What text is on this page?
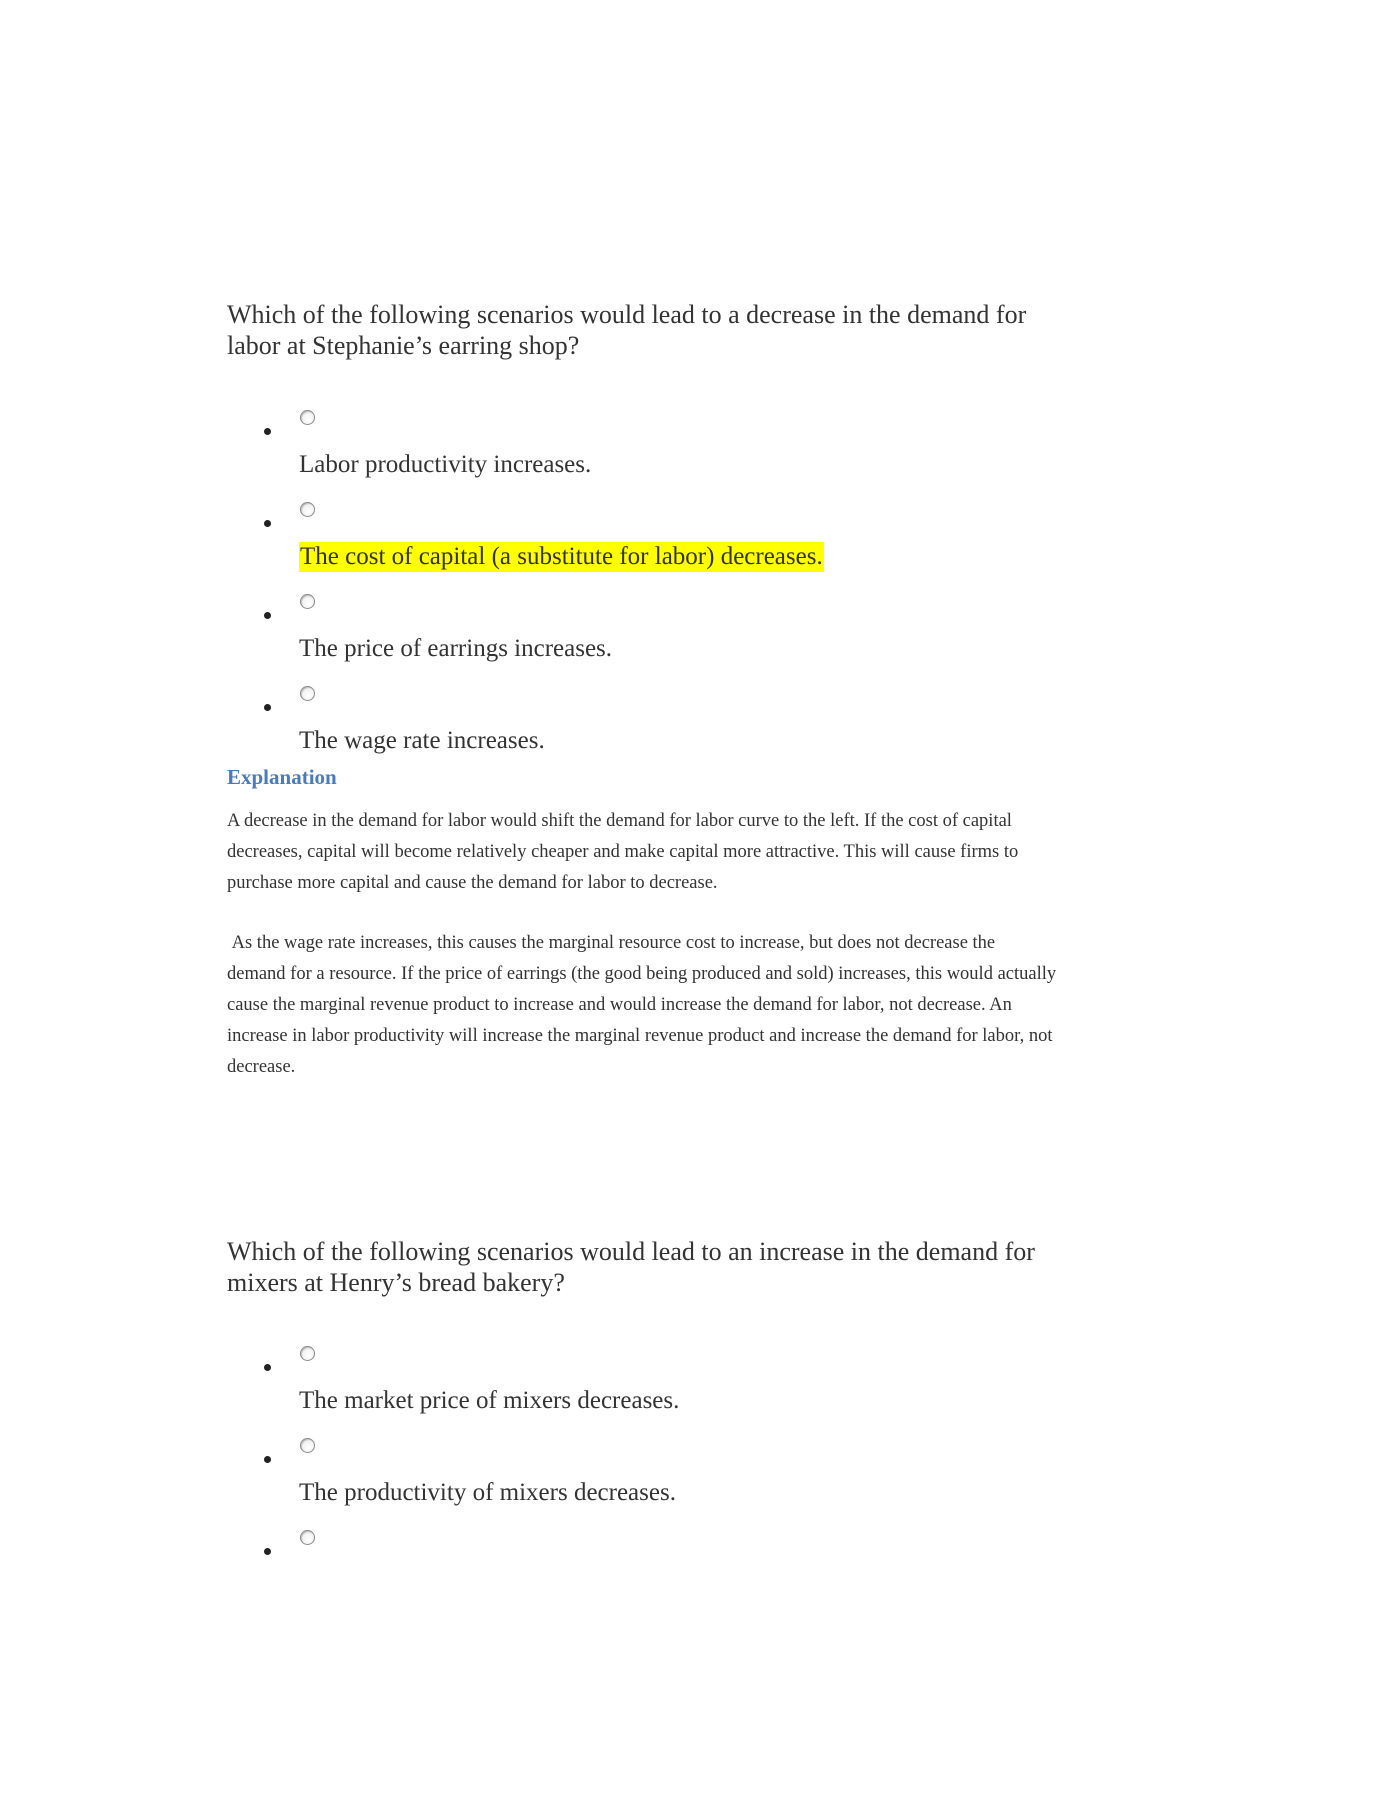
Which of the following scenarios would lead to a decrease in the demand for labor at Stephanie’s earring shop?

Labor productivity increases.
The cost of capital (a substitute for labor) decreases.
The price of earrings increases.
The wage rate increases.
Explanation

A decrease in the demand for labor would shift the demand for labor curve to the left. If the cost of capital decreases, capital will become relatively cheaper and make capital more attractive. This will cause firms to purchase more capital and cause the demand for labor to decrease.

As the wage rate increases, this causes the marginal resource cost to increase, but does not decrease the demand for a resource. If the price of earrings (the good being produced and sold) increases, this would actually cause the marginal revenue product to increase and would increase the demand for labor, not decrease. An increase in labor productivity will increase the marginal revenue product and increase the demand for labor, not decrease.

Which of the following scenarios would lead to an increase in the demand for mixers at Henry’s bread bakery?

The market price of mixers decreases.
The productivity of mixers decreases.
